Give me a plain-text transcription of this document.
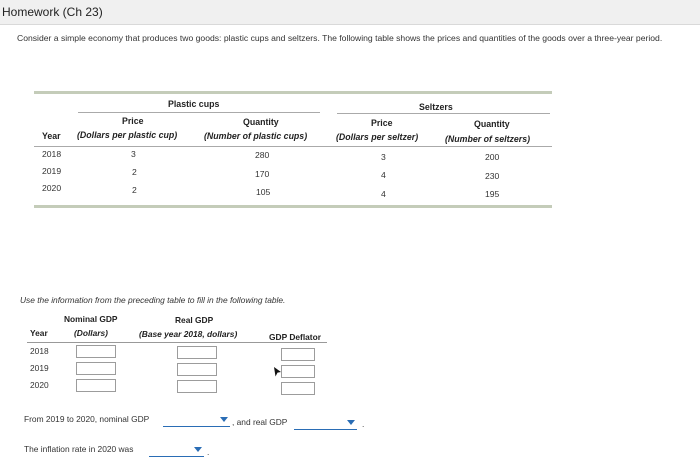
Homework (Ch 23)
Consider a simple economy that produces two goods: plastic cups and seltzers. The following table shows the prices and quantities of the goods over a three-year period.
Plastic cups	Seltzers
Price	Quantity	Price	Quantity
Year (Dollars per plastic cup)	(Number of plastic cups)	(Dollars per seltzer)	(Number of seltzers)
2018	3	280	3	200
2019	2	170	4	230
2020	2	105	4	195
Use the information from the preceding table to fill in the following table.
Nominal GDP	Real GDP
Year	(Dollars)	(Base year 2018, dollars)	GDP Deflator
2018
2019
2020
From 2019 to 2020, nominal GDP	, and real GDP	.
The inflation rate in 2020 was	.
